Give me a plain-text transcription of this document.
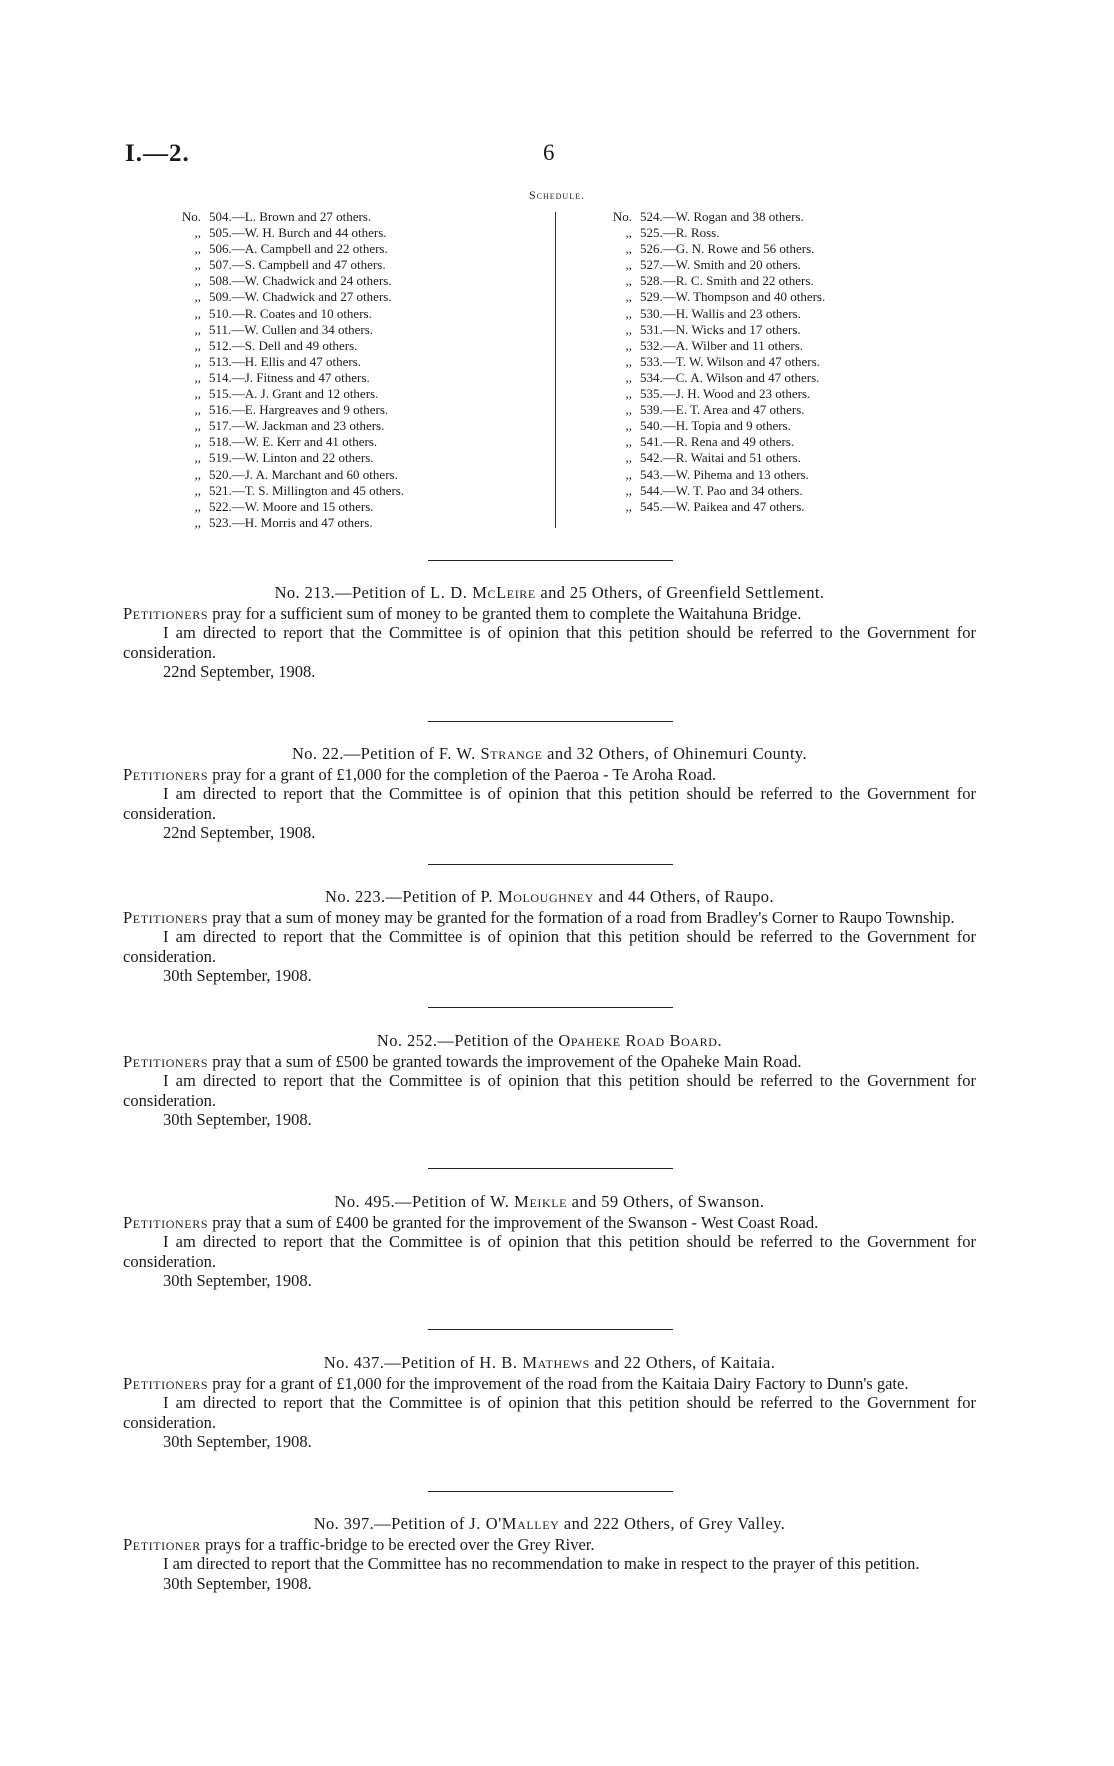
I.—2.	6
Schedule.
No. 504.—L. Brown and 27 others.
,, 505.—W. H. Burch and 44 others.
,, 506.—A. Campbell and 22 others.
,, 507.—S. Campbell and 47 others.
,, 508.—W. Chadwick and 24 others.
,, 509.—W. Chadwick and 27 others.
,, 510.—R. Coates and 10 others.
,, 511.—W. Cullen and 34 others.
,, 512.—S. Dell and 49 others.
,, 513.—H. Ellis and 47 others.
,, 514.—J. Fitness and 47 others.
,, 515.—A. J. Grant and 12 others.
,, 516.—E. Hargreaves and 9 others.
,, 517.—W. Jackman and 23 others.
,, 518.—W. E. Kerr and 41 others.
,, 519.—W. Linton and 22 others.
,, 520.—J. A. Marchant and 60 others.
,, 521.—T. S. Millington and 45 others.
,, 522.—W. Moore and 15 others.
,, 523.—H. Morris and 47 others.
No. 524.—W. Rogan and 38 others.
,, 525.—R. Ross.
,, 526.—G. N. Rowe and 56 others.
,, 527.—W. Smith and 20 others.
,, 528.—R. C. Smith and 22 others.
,, 529.—W. Thompson and 40 others.
,, 530.—H. Wallis and 23 others.
,, 531.—N. Wicks and 17 others.
,, 532.—A. Wilber and 11 others.
,, 533.—T. W. Wilson and 47 others.
,, 534.—C. A. Wilson and 47 others.
,, 535.—J. H. Wood and 23 others.
,, 539.—E. T. Area and 47 others.
,, 540.—H. Topia and 9 others.
,, 541.—R. Rena and 49 others.
,, 542.—R. Waitai and 51 others.
,, 543.—W. Pihema and 13 others.
,, 544.—W. T. Pao and 34 others.
,, 545.—W. Paikea and 47 others.
No. 213.—Petition of L. D. McLeire and 25 Others, of Greenfield Settlement.

Petitioners pray for a sufficient sum of money to be granted them to complete the Waitahuna Bridge.

I am directed to report that the Committee is of opinion that this petition should be referred to the Government for consideration.

22nd September, 1908.

No. 22.—Petition of F. W. Strange and 32 Others, of Ohinemuri County.

Petitioners pray for a grant of £1,000 for the completion of the Paeroa - Te Aroha Road.

I am directed to report that the Committee is of opinion that this petition should be referred to the Government for consideration.

22nd September, 1908.

No. 223.—Petition of P. Moloughney and 44 Others, of Raupo.

Petitioners pray that a sum of money may be granted for the formation of a road from Bradley's Corner to Raupo Township.

I am directed to report that the Committee is of opinion that this petition should be referred to the Government for consideration.

30th September, 1908.

No. 252.—Petition of the Opaheke Road Board.

Petitioners pray that a sum of £500 be granted towards the improvement of the Opaheke Main Road.

I am directed to report that the Committee is of opinion that this petition should be referred to the Government for consideration.

30th September, 1908.

No. 495.—Petition of W. Meikle and 59 Others, of Swanson.

Petitioners pray that a sum of £400 be granted for the improvement of the Swanson - West Coast Road.

I am directed to report that the Committee is of opinion that this petition should be referred to the Government for consideration.

30th September, 1908.

No. 437.—Petition of H. B. Mathews and 22 Others, of Kaitaia.

Petitioners pray for a grant of £1,000 for the improvement of the road from the Kaitaia Dairy Factory to Dunn's gate.

I am directed to report that the Committee is of opinion that this petition should be referred to the Government for consideration.

30th September, 1908.

No. 397.—Petition of J. O'Malley and 222 Others, of Grey Valley.

Petitioner prays for a traffic-bridge to be erected over the Grey River.

I am directed to report that the Committee has no recommendation to make in respect to the prayer of this petition.

30th September, 1908.
